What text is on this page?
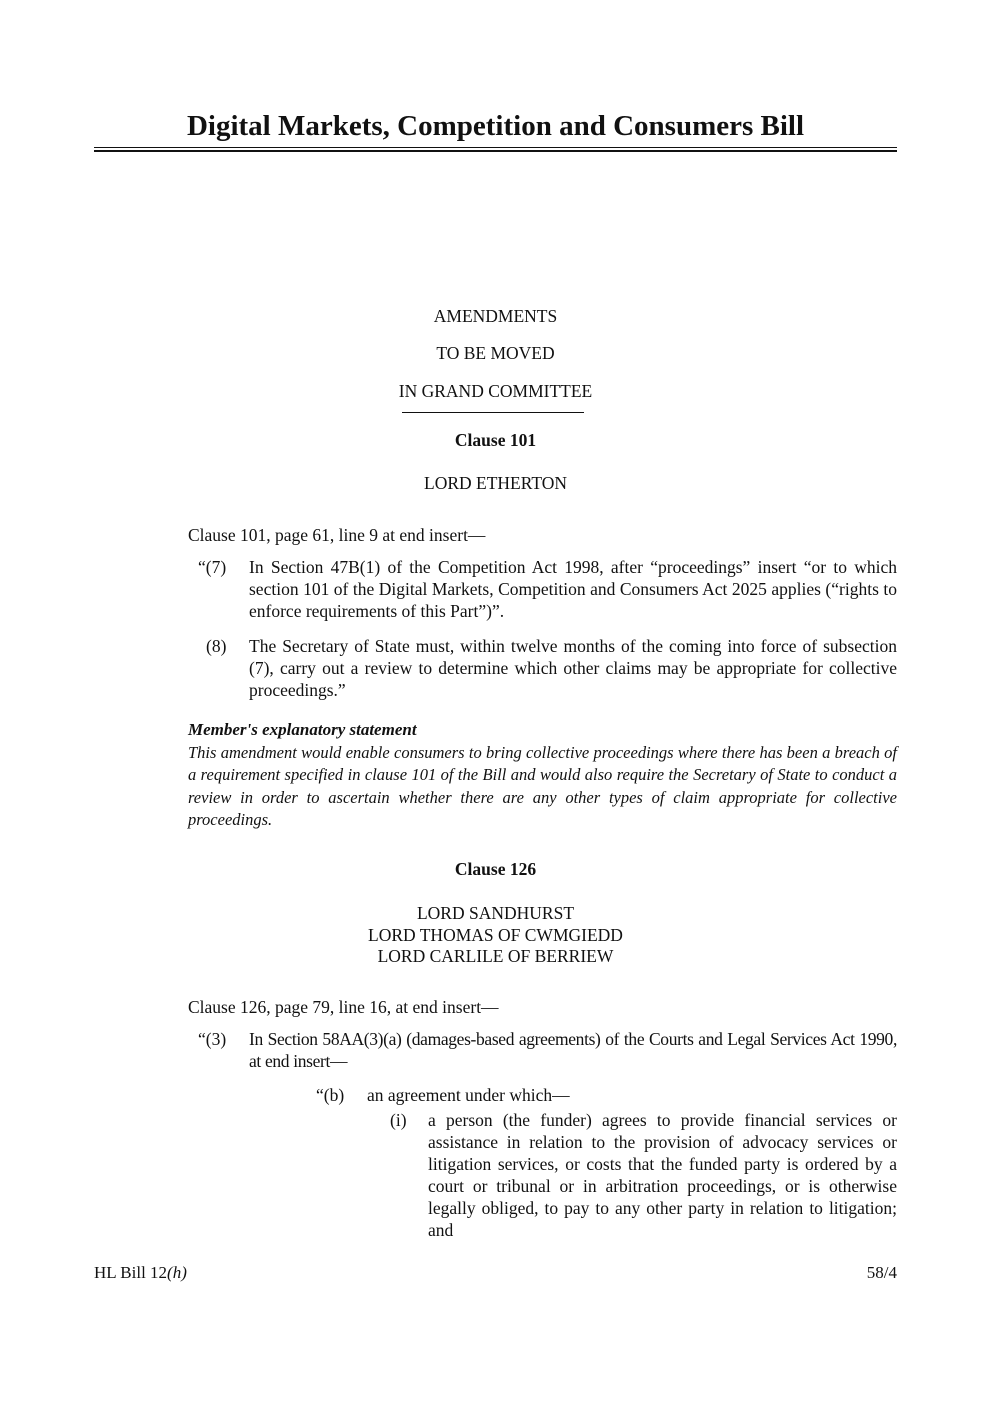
Digital Markets, Competition and Consumers Bill
AMENDMENTS
TO BE MOVED
IN GRAND COMMITTEE
Clause 101
LORD ETHERTON
Clause 101, page 61, line 9 at end insert—
“(7) In Section 47B(1) of the Competition Act 1998, after “proceedings” insert “or to which section 101 of the Digital Markets, Competition and Consumers Act 2025 applies (“rights to enforce requirements of this Part”)”.
(8) The Secretary of State must, within twelve months of the coming into force of subsection (7), carry out a review to determine which other claims may be appropriate for collective proceedings.”
Member's explanatory statement
This amendment would enable consumers to bring collective proceedings where there has been a breach of a requirement specified in clause 101 of the Bill and would also require the Secretary of State to conduct a review in order to ascertain whether there are any other types of claim appropriate for collective proceedings.
Clause 126
LORD SANDHURST
LORD THOMAS OF CWMGIEDD
LORD CARLILE OF BERRIEW
Clause 126, page 79, line 16, at end insert—
“(3) In Section 58AA(3)(a) (damages-based agreements) of the Courts and Legal Services Act 1990, at end insert—
“(b) an agreement under which—
(i) a person (the funder) agrees to provide financial services or assistance in relation to the provision of advocacy services or litigation services, or costs that the funded party is ordered by a court or tribunal or in arbitration proceedings, or is otherwise legally obliged, to pay to any other party in relation to litigation; and
HL Bill 12(h)	58/4
